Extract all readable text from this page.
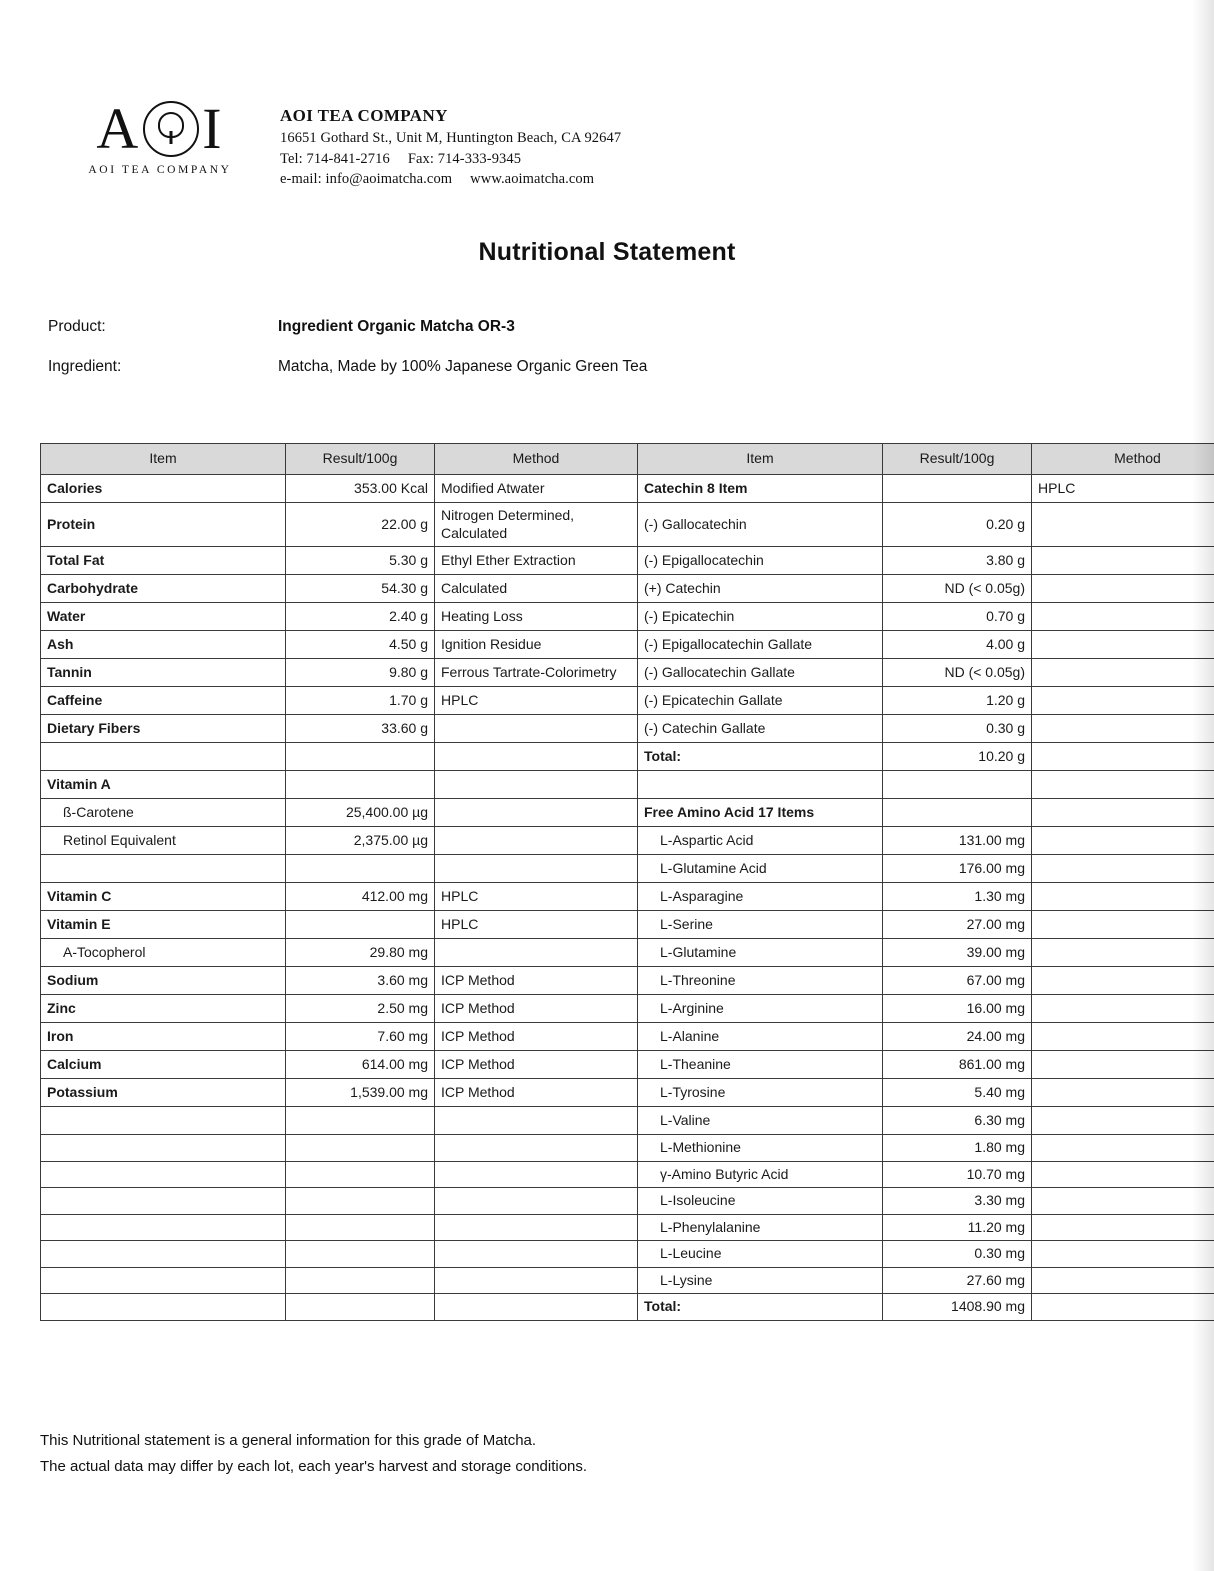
A I
AOI TEA COMPANY
AOI TEA COMPANY
16651 Gothard St., Unit M, Huntington Beach, CA 92647
Tel: 714-841-2716 Fax: 714-333-9345
e-mail: info@aoimatcha.com www.aoimatcha.com
Nutritional Statement
Product:	Ingredient Organic Matcha OR-3
Ingredient:	Matcha, Made by 100% Japanese Organic Green Tea
Item	Result/100g	Method	Item	Result/100g	Method
Calories	353.00 Kcal	Modified Atwater	Catechin 8 Item		HPLC
Protein	22.00 g	Nitrogen Determined, Calculated	(-) Gallocatechin	0.20 g	
Total Fat	5.30 g	Ethyl Ether Extraction	(-) Epigallocatechin	3.80 g	
Carbohydrate	54.30 g	Calculated	(+) Catechin	ND (< 0.05g)	
Water	2.40 g	Heating Loss	(-) Epicatechin	0.70 g	
Ash	4.50 g	Ignition Residue	(-) Epigallocatechin Gallate	4.00 g	
Tannin	9.80 g	Ferrous Tartrate-Colorimetry	(-) Gallocatechin Gallate	ND (< 0.05g)	
Caffeine	1.70 g	HPLC	(-) Epicatechin Gallate	1.20 g	
Dietary Fibers	33.60 g		(-) Catechin Gallate	0.30 g	
			Total:	10.20 g	
Vitamin A					
ß-Carotene	25,400.00 µg		Free Amino Acid 17 Items		
Retinol Equivalent	2,375.00 µg		L-Aspartic Acid	131.00 mg	
			L-Glutamine Acid	176.00 mg	
Vitamin C	412.00 mg	HPLC	L-Asparagine	1.30 mg	
Vitamin E		HPLC	L-Serine	27.00 mg	
A-Tocopherol	29.80 mg		L-Glutamine	39.00 mg	
Sodium	3.60 mg	ICP Method	L-Threonine	67.00 mg	
Zinc	2.50 mg	ICP Method	L-Arginine	16.00 mg	
Iron	7.60 mg	ICP Method	L-Alanine	24.00 mg	
Calcium	614.00 mg	ICP Method	L-Theanine	861.00 mg	
Potassium	1,539.00 mg	ICP Method	L-Tyrosine	5.40 mg	
			L-Valine	6.30 mg	
			L-Methionine	1.80 mg	
			γ-Amino Butyric Acid	10.70 mg	
			L-Isoleucine	3.30 mg	
			L-Phenylalanine	11.20 mg	
			L-Leucine	0.30 mg	
			L-Lysine	27.60 mg	
			Total:	1408.90 mg	
This Nutritional statement is a general information for this grade of Matcha.
The actual data may differ by each lot, each year's harvest and storage conditions.
